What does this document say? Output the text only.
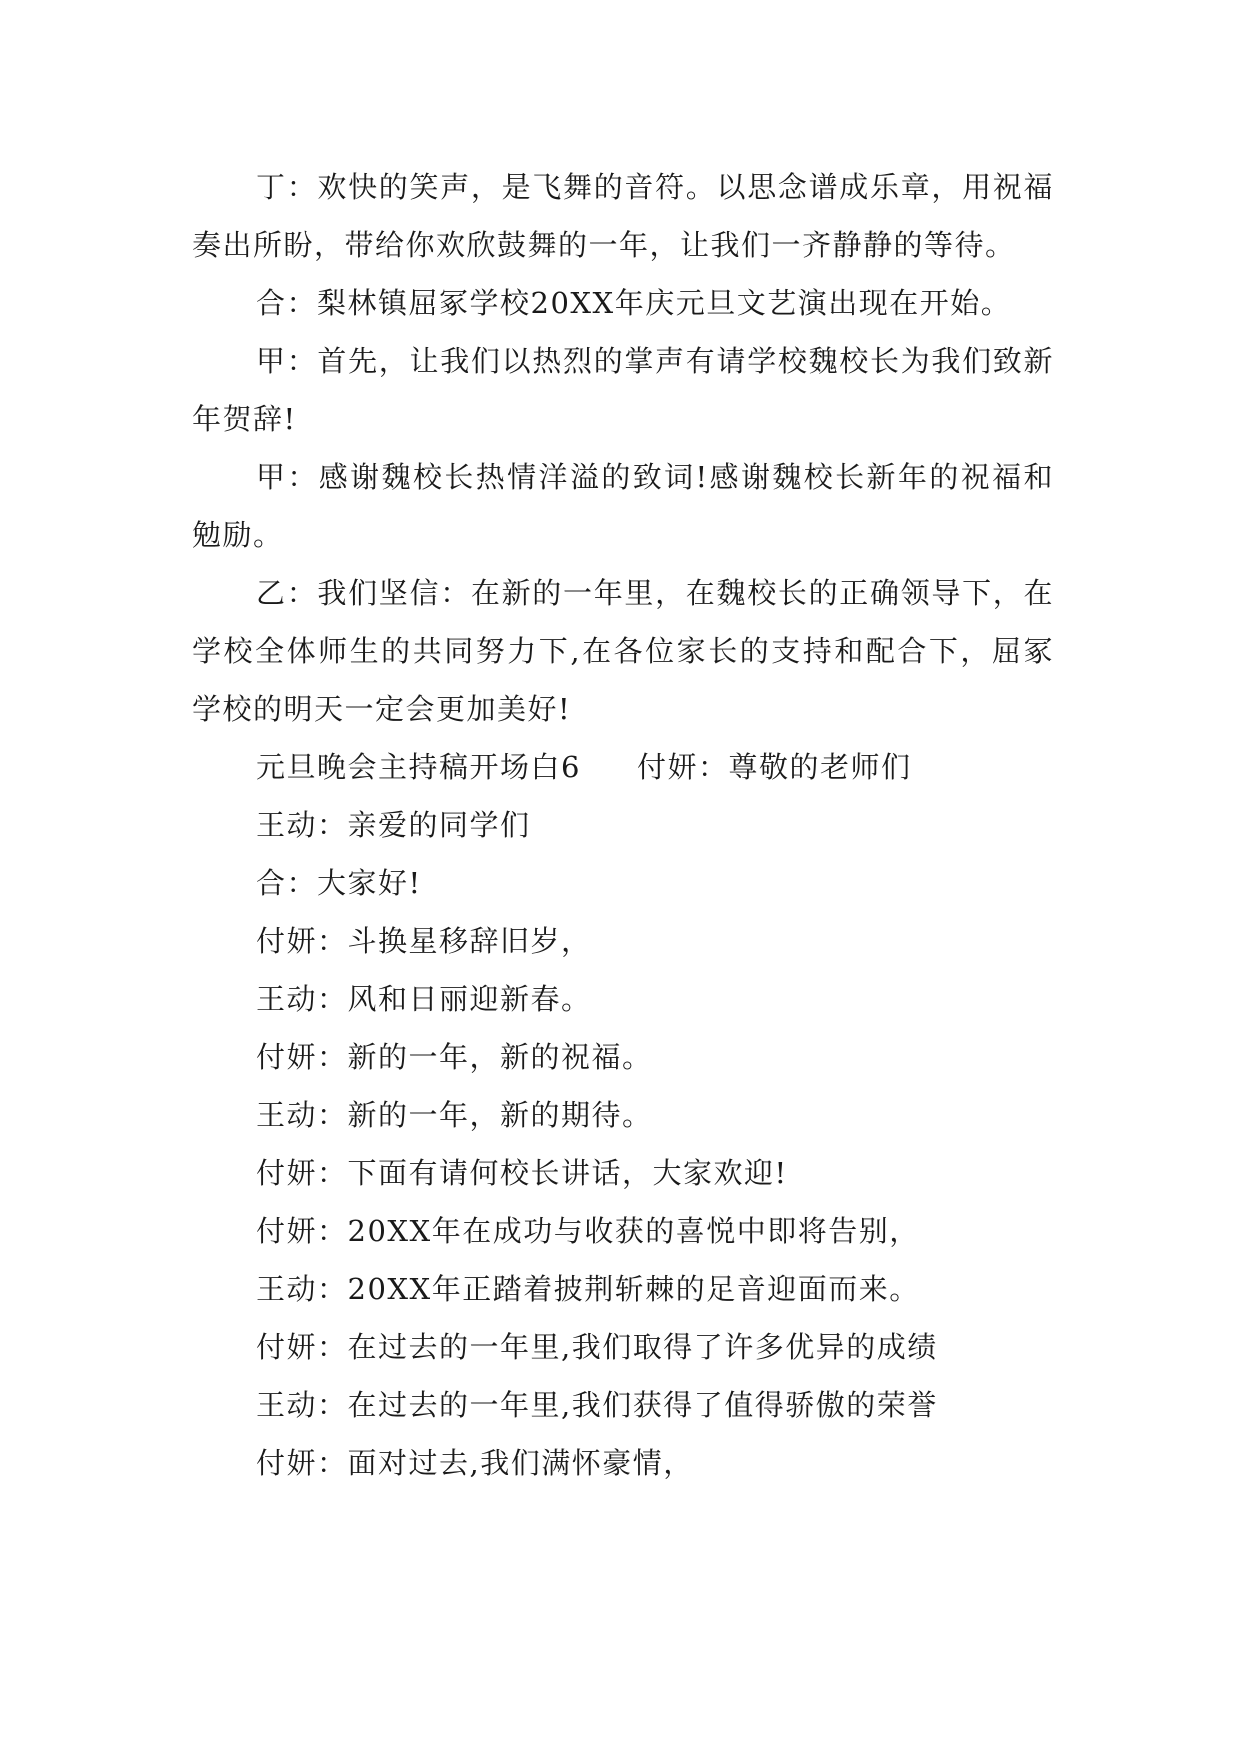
丁：欢快的笑声，是飞舞的音符。以思念谱成乐章，用祝福奏出所盼，带给你欢欣鼓舞的一年，让我们一齐静静的等待。

合：梨林镇屈冢学校20XX年庆元旦文艺演出现在开始。

甲：首先，让我们以热烈的掌声有请学校魏校长为我们致新年贺辞!

甲：感谢魏校长热情洋溢的致词!感谢魏校长新年的祝福和勉励。

乙：我们坚信：在新的一年里，在魏校长的正确领导下，在学校全体师生的共同努力下,在各位家长的支持和配合下，屈冢学校的明天一定会更加美好!

元旦晚会主持稿开场白6 付妍：尊敬的老师们

王动：亲爱的同学们

合：大家好!

付妍：斗换星移辞旧岁，

王动：风和日丽迎新春。

付妍：新的一年，新的祝福。

王动：新的一年，新的期待。

付妍：下面有请何校长讲话，大家欢迎!

付妍：20XX年在成功与收获的喜悦中即将告别，

王动：20XX年正踏着披荆斩棘的足音迎面而来。

付妍：在过去的一年里,我们取得了许多优异的成绩

王动：在过去的一年里,我们获得了值得骄傲的荣誉

付妍：面对过去,我们满怀豪情，
